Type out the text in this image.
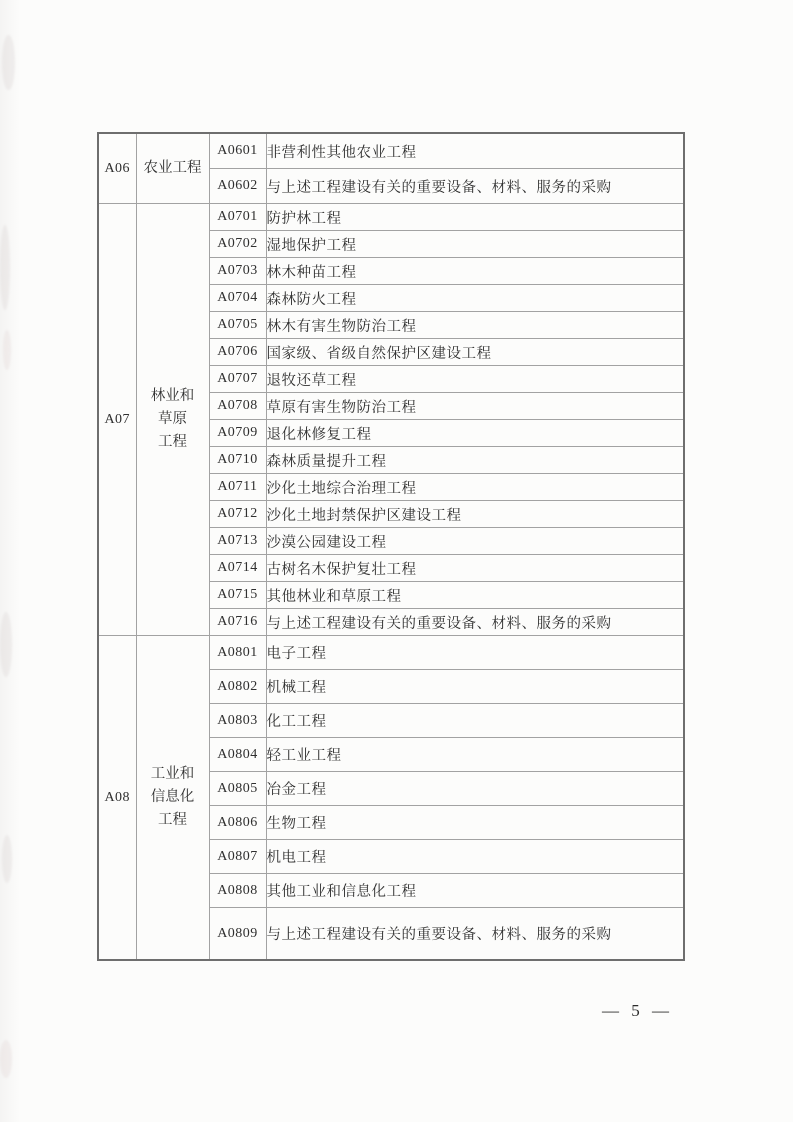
A06	农业工程	A0601	非营利性其他农业工程
		A0602	与上述工程建设有关的重要设备、材料、服务的采购
A07	林业和
草原
工程	A0701	防护林工程
		A0702	湿地保护工程
		A0703	林木种苗工程
		A0704	森林防火工程
		A0705	林木有害生物防治工程
		A0706	国家级、省级自然保护区建设工程
		A0707	退牧还草工程
		A0708	草原有害生物防治工程
		A0709	退化林修复工程
		A0710	森林质量提升工程
		A0711	沙化土地综合治理工程
		A0712	沙化土地封禁保护区建设工程
		A0713	沙漠公园建设工程
		A0714	古树名木保护复壮工程
		A0715	其他林业和草原工程
		A0716	与上述工程建设有关的重要设备、材料、服务的采购
A08	工业和
信息化
工程	A0801	电子工程
		A0802	机械工程
		A0803	化工工程
		A0804	轻工业工程
		A0805	冶金工程
		A0806	生物工程
		A0807	机电工程
		A0808	其他工业和信息化工程
		A0809	与上述工程建设有关的重要设备、材料、服务的采购
— 5 —
